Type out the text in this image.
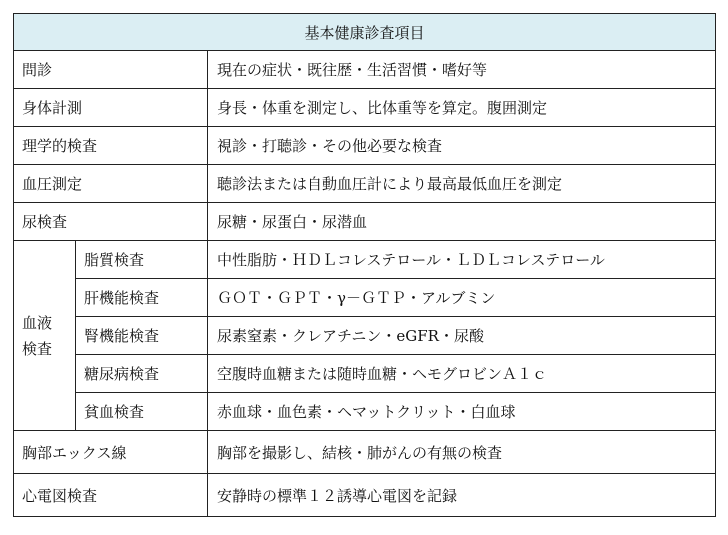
基本健康診査項目		
問診		現在の症状・既往歴・生活習慣・嗜好等
身体計測		身長・体重を測定し、比体重等を算定。腹囲測定
理学的検査		視診・打聴診・その他必要な検査
血圧測定		聴診法または自動血圧計により最高最低血圧を測定
尿検査		尿糖・尿蛋白・尿潜血

血液
検査	脂質検査	中性脂肪・ＨＤＬコレステロール・ＬＤＬコレステロール
	肝機能検査	ＧＯＴ・ＧＰＴ・γ－ＧＴＰ・アルブミン
	腎機能検査	尿素窒素・クレアチニン・eGFR・尿酸
	糖尿病検査	空腹時血糖または随時血糖・ヘモグロビンＡ１ｃ
	貧血検査	赤血球・血色素・ヘマットクリット・白血球
胸部エックス線		胸部を撮影し、結核・肺がんの有無の検査
心電図検査		安静時の標準１２誘導心電図を記録
